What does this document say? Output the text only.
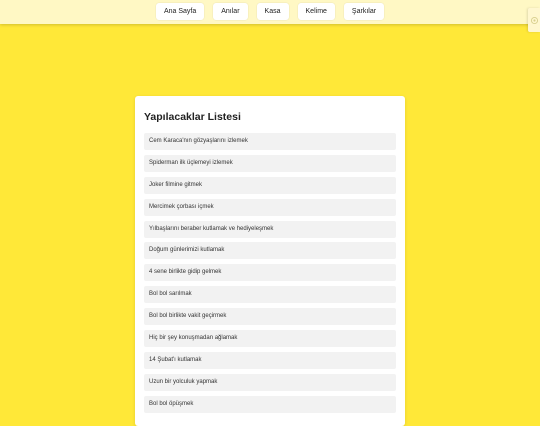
Ana Sayfa	Anılar	Kasa	Kelime	Şarkılar
Yapılacaklar Listesi
Cem Karaca'nın gözyaşlarını izlemek
Spiderman ilk üçlemeyi izlemek
Joker filmine gitmek
Mercimek çorbası içmek
Yılbaşlarını beraber kutlamak ve hediyeleşmek
Doğum günlerimizi kutlamak
4 sene birlikte gidip gelmek
Bol bol sarılmak
Bol bol birlikte vakit geçirmek
Hiç bir şey konuşmadan ağlamak
14 Şubat'ı kutlamak
Uzun bir yolculuk yapmak
Bol bol öpüşmek
